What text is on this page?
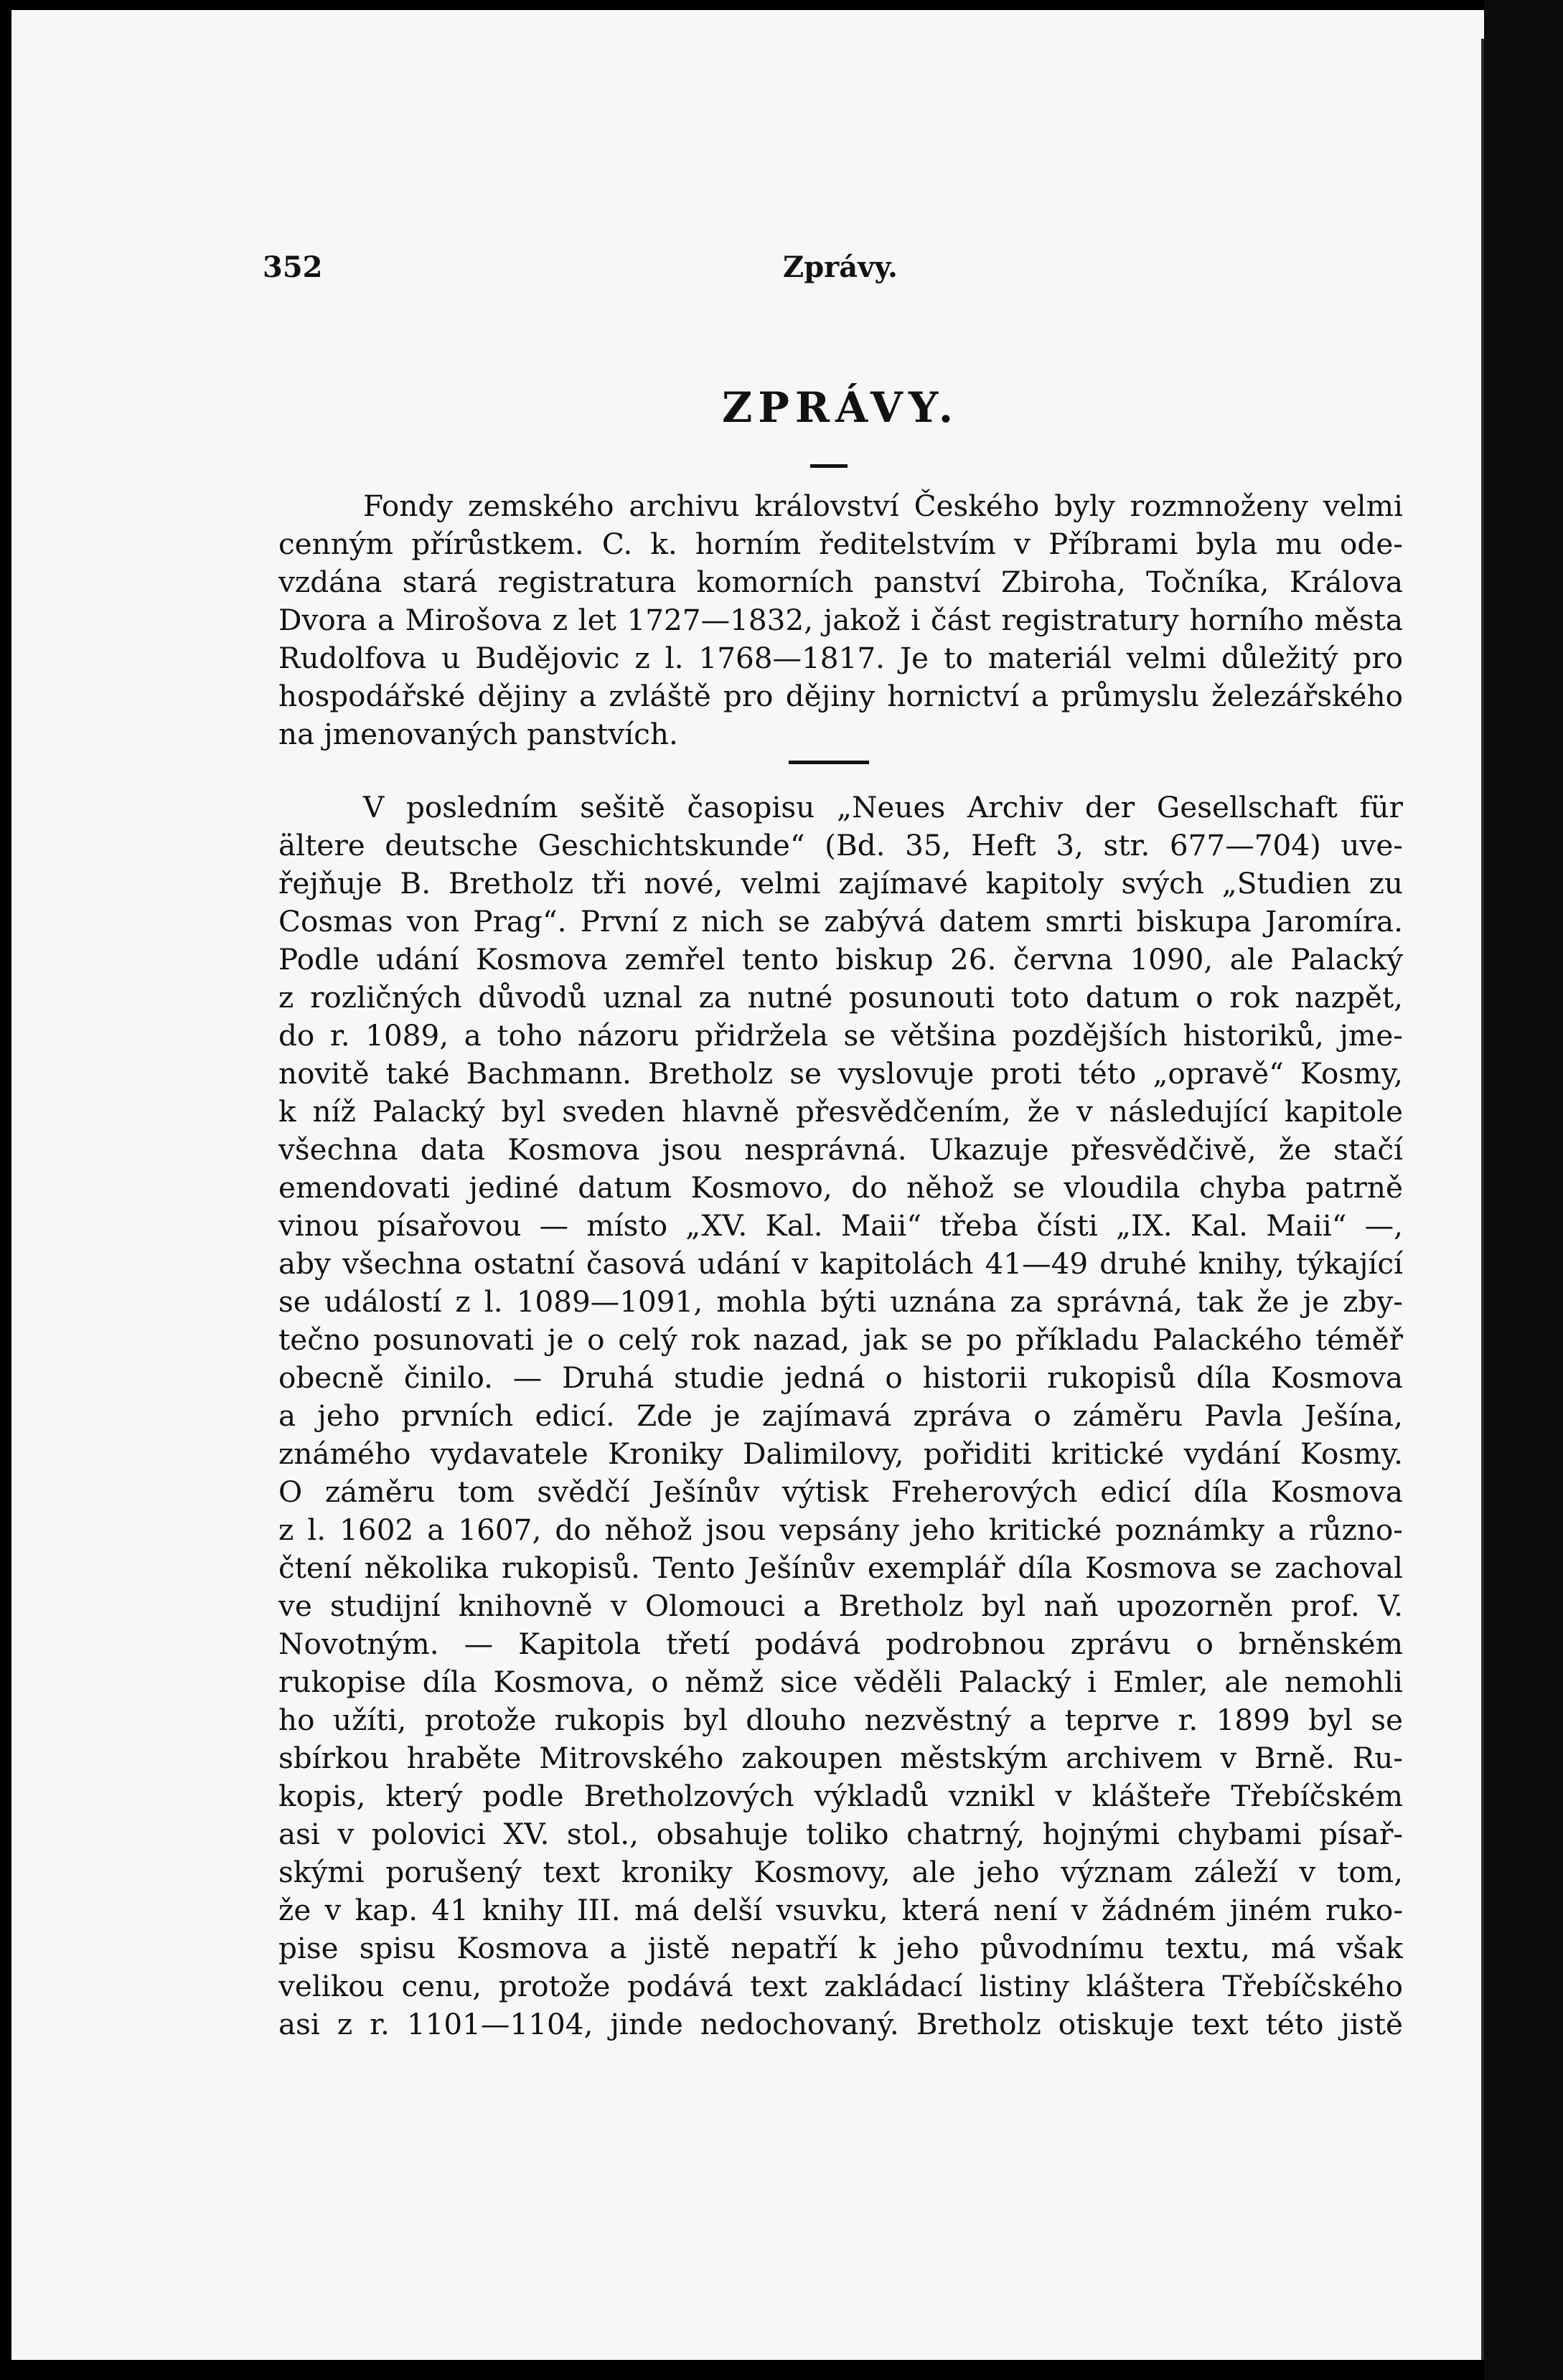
352	Zprávy.
ZPRÁVY.
Fondy zemského archivu království Českého byly rozmnoženy velmi
cenným přírůstkem. C. k. horním ředitelstvím v Příbrami byla mu ode-
vzdána stará registratura komorních panství Zbiroha, Točníka, Králova
Dvora a Mirošova z let 1727—1832, jakož i část registratury horního města
Rudolfova u Budějovic z l. 1768—1817. Je to materiál velmi důležitý pro
hospodářské dějiny a zvláště pro dějiny hornictví a průmyslu železářského
na jmenovaných panstvích.
V posledním sešitě časopisu „Neues Archiv der Gesellschaft für
ältere deutsche Geschichtskunde“ (Bd. 35, Heft 3, str. 677—704) uve-
řejňuje B. Bretholz tři nové, velmi zajímavé kapitoly svých „Studien zu
Cosmas von Prag“. První z nich se zabývá datem smrti biskupa Jaromíra.
Podle udání Kosmova zemřel tento biskup 26. června 1090, ale Palacký
z rozličných důvodů uznal za nutné posunouti toto datum o rok nazpět,
do r. 1089, a toho názoru přidržela se většina pozdějších historiků, jme-
novitě také Bachmann. Bretholz se vyslovuje proti této „opravě“ Kosmy,
k níž Palacký byl sveden hlavně přesvědčením, že v následující kapitole
všechna data Kosmova jsou nesprávná. Ukazuje přesvědčivě, že stačí
emendovati jediné datum Kosmovo, do něhož se vloudila chyba patrně
vinou písařovou — místo „XV. Kal. Maii“ třeba čísti „IX. Kal. Maii“ —,
aby všechna ostatní časová udání v kapitolách 41—49 druhé knihy, týkající
se událostí z l. 1089—1091, mohla býti uznána za správná, tak že je zby-
tečno posunovati je o celý rok nazad, jak se po příkladu Palackého téměř
obecně činilo. — Druhá studie jedná o historii rukopisů díla Kosmova
a jeho prvních edicí. Zde je zajímavá zpráva o záměru Pavla Ješína,
známého vydavatele Kroniky Dalimilovy, pořiditi kritické vydání Kosmy.
O záměru tom svědčí Ješínův výtisk Freherových edicí díla Kosmova
z l. 1602 a 1607, do něhož jsou vepsány jeho kritické poznámky a různo-
čtení několika rukopisů. Tento Ješínův exemplář díla Kosmova se zachoval
ve studijní knihovně v Olomouci a Bretholz byl naň upozorněn prof. V.
Novotným. — Kapitola třetí podává podrobnou zprávu o brněnském
rukopise díla Kosmova, o němž sice věděli Palacký i Emler, ale nemohli
ho užíti, protože rukopis byl dlouho nezvěstný a teprve r. 1899 byl se
sbírkou hraběte Mitrovského zakoupen městským archivem v Brně. Ru-
kopis, který podle Bretholzových výkladů vznikl v klášteře Třebíčském
asi v polovici XV. stol., obsahuje toliko chatrný, hojnými chybami písař-
skými porušený text kroniky Kosmovy, ale jeho význam záleží v tom,
že v kap. 41 knihy III. má delší vsuvku, která není v žádném jiném ruko-
pise spisu Kosmova a jistě nepatří k jeho původnímu textu, má však
velikou cenu, protože podává text zakládací listiny kláštera Třebíčského
asi z r. 1101—1104, jinde nedochovaný. Bretholz otiskuje text této jistě
